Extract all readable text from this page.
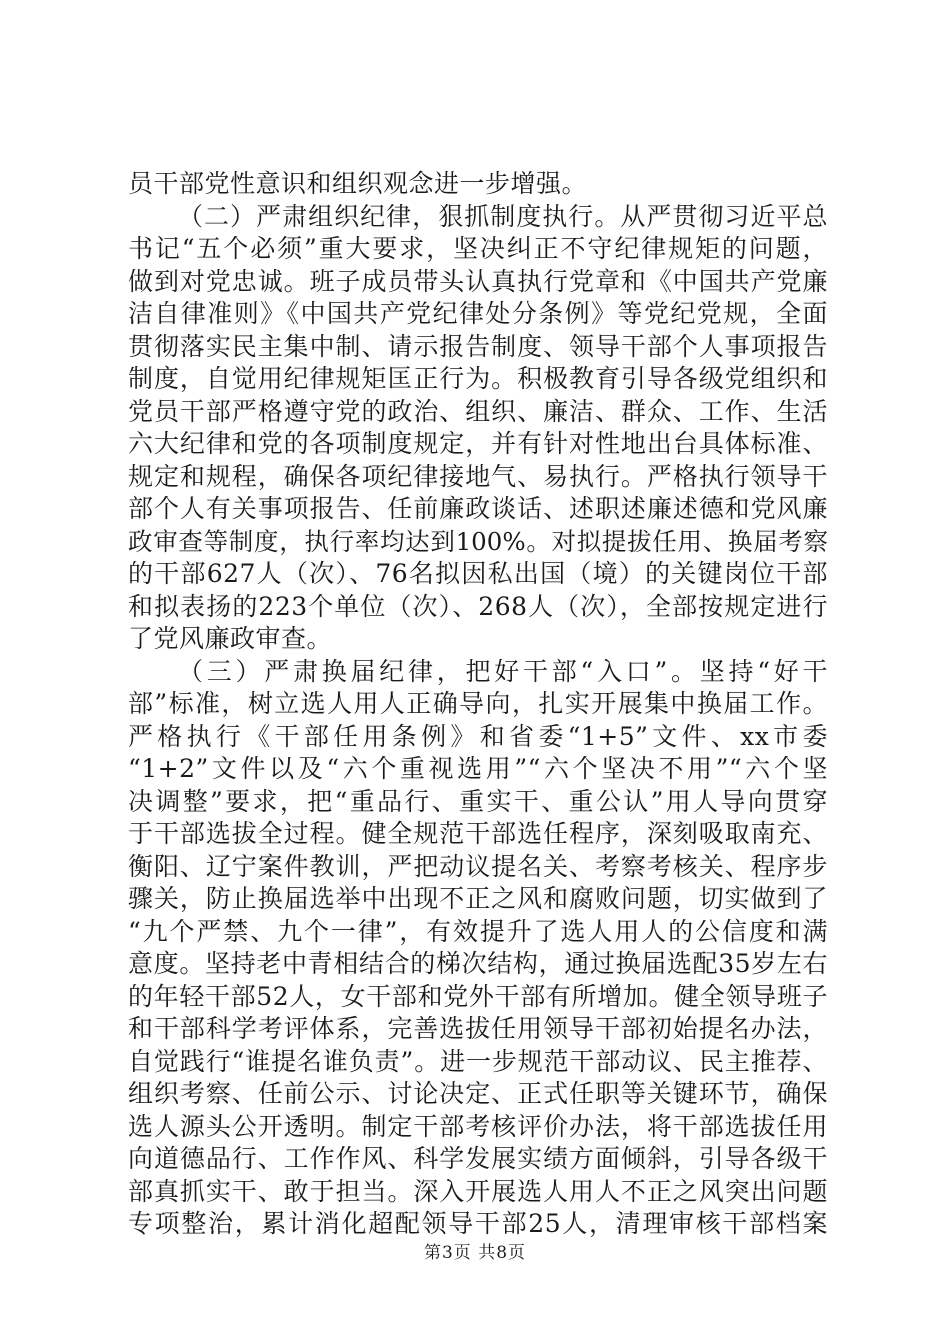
员干部党性意识和组织观念进一步增强。
（二）严肃组织纪律，狠抓制度执行。从严贯彻习近平总
书记“五个必须”重大要求，坚决纠正不守纪律规矩的问题，
做到对党忠诚。班子成员带头认真执行党章和《中国共产党廉
洁自律准则》《中国共产党纪律处分条例》等党纪党规，全面
贯彻落实民主集中制、请示报告制度、领导干部个人事项报告
制度，自觉用纪律规矩匡正行为。积极教育引导各级党组织和
党员干部严格遵守党的政治、组织、廉洁、群众、工作、生活
六大纪律和党的各项制度规定，并有针对性地出台具体标准、
规定和规程，确保各项纪律接地气、易执行。严格执行领导干
部个人有关事项报告、任前廉政谈话、述职述廉述德和党风廉
政审查等制度，执行率均达到100%。对拟提拔任用、换届考察
的干部627人（次）、76名拟因私出国（境）的关键岗位干部
和拟表扬的223个单位（次）、268人（次），全部按规定进行
了党风廉政审查。
（三）严肃换届纪律，把好干部“入口”。坚持“好干
部”标准，树立选人用人正确导向，扎实开展集中换届工作。
严格执行《干部任用条例》和省委“1+5”文件、xx市委
“1+2”文件以及“六个重视选用”“六个坚决不用”“六个坚
决调整”要求，把“重品行、重实干、重公认”用人导向贯穿
于干部选拔全过程。健全规范干部选任程序，深刻吸取南充、
衡阳、辽宁案件教训，严把动议提名关、考察考核关、程序步
骤关，防止换届选举中出现不正之风和腐败问题，切实做到了
“九个严禁、九个一律”，有效提升了选人用人的公信度和满
意度。坚持老中青相结合的梯次结构，通过换届选配35岁左右
的年轻干部52人，女干部和党外干部有所增加。健全领导班子
和干部科学考评体系，完善选拔任用领导干部初始提名办法，
自觉践行“谁提名谁负责”。进一步规范干部动议、民主推荐、
组织考察、任前公示、讨论决定、正式任职等关键环节，确保
选人源头公开透明。制定干部考核评价办法，将干部选拔任用
向道德品行、工作作风、科学发展实绩方面倾斜，引导各级干
部真抓实干、敢于担当。深入开展选人用人不正之风突出问题
专项整治，累计消化超配领导干部25人，清理审核干部档案
第3页 共8页
